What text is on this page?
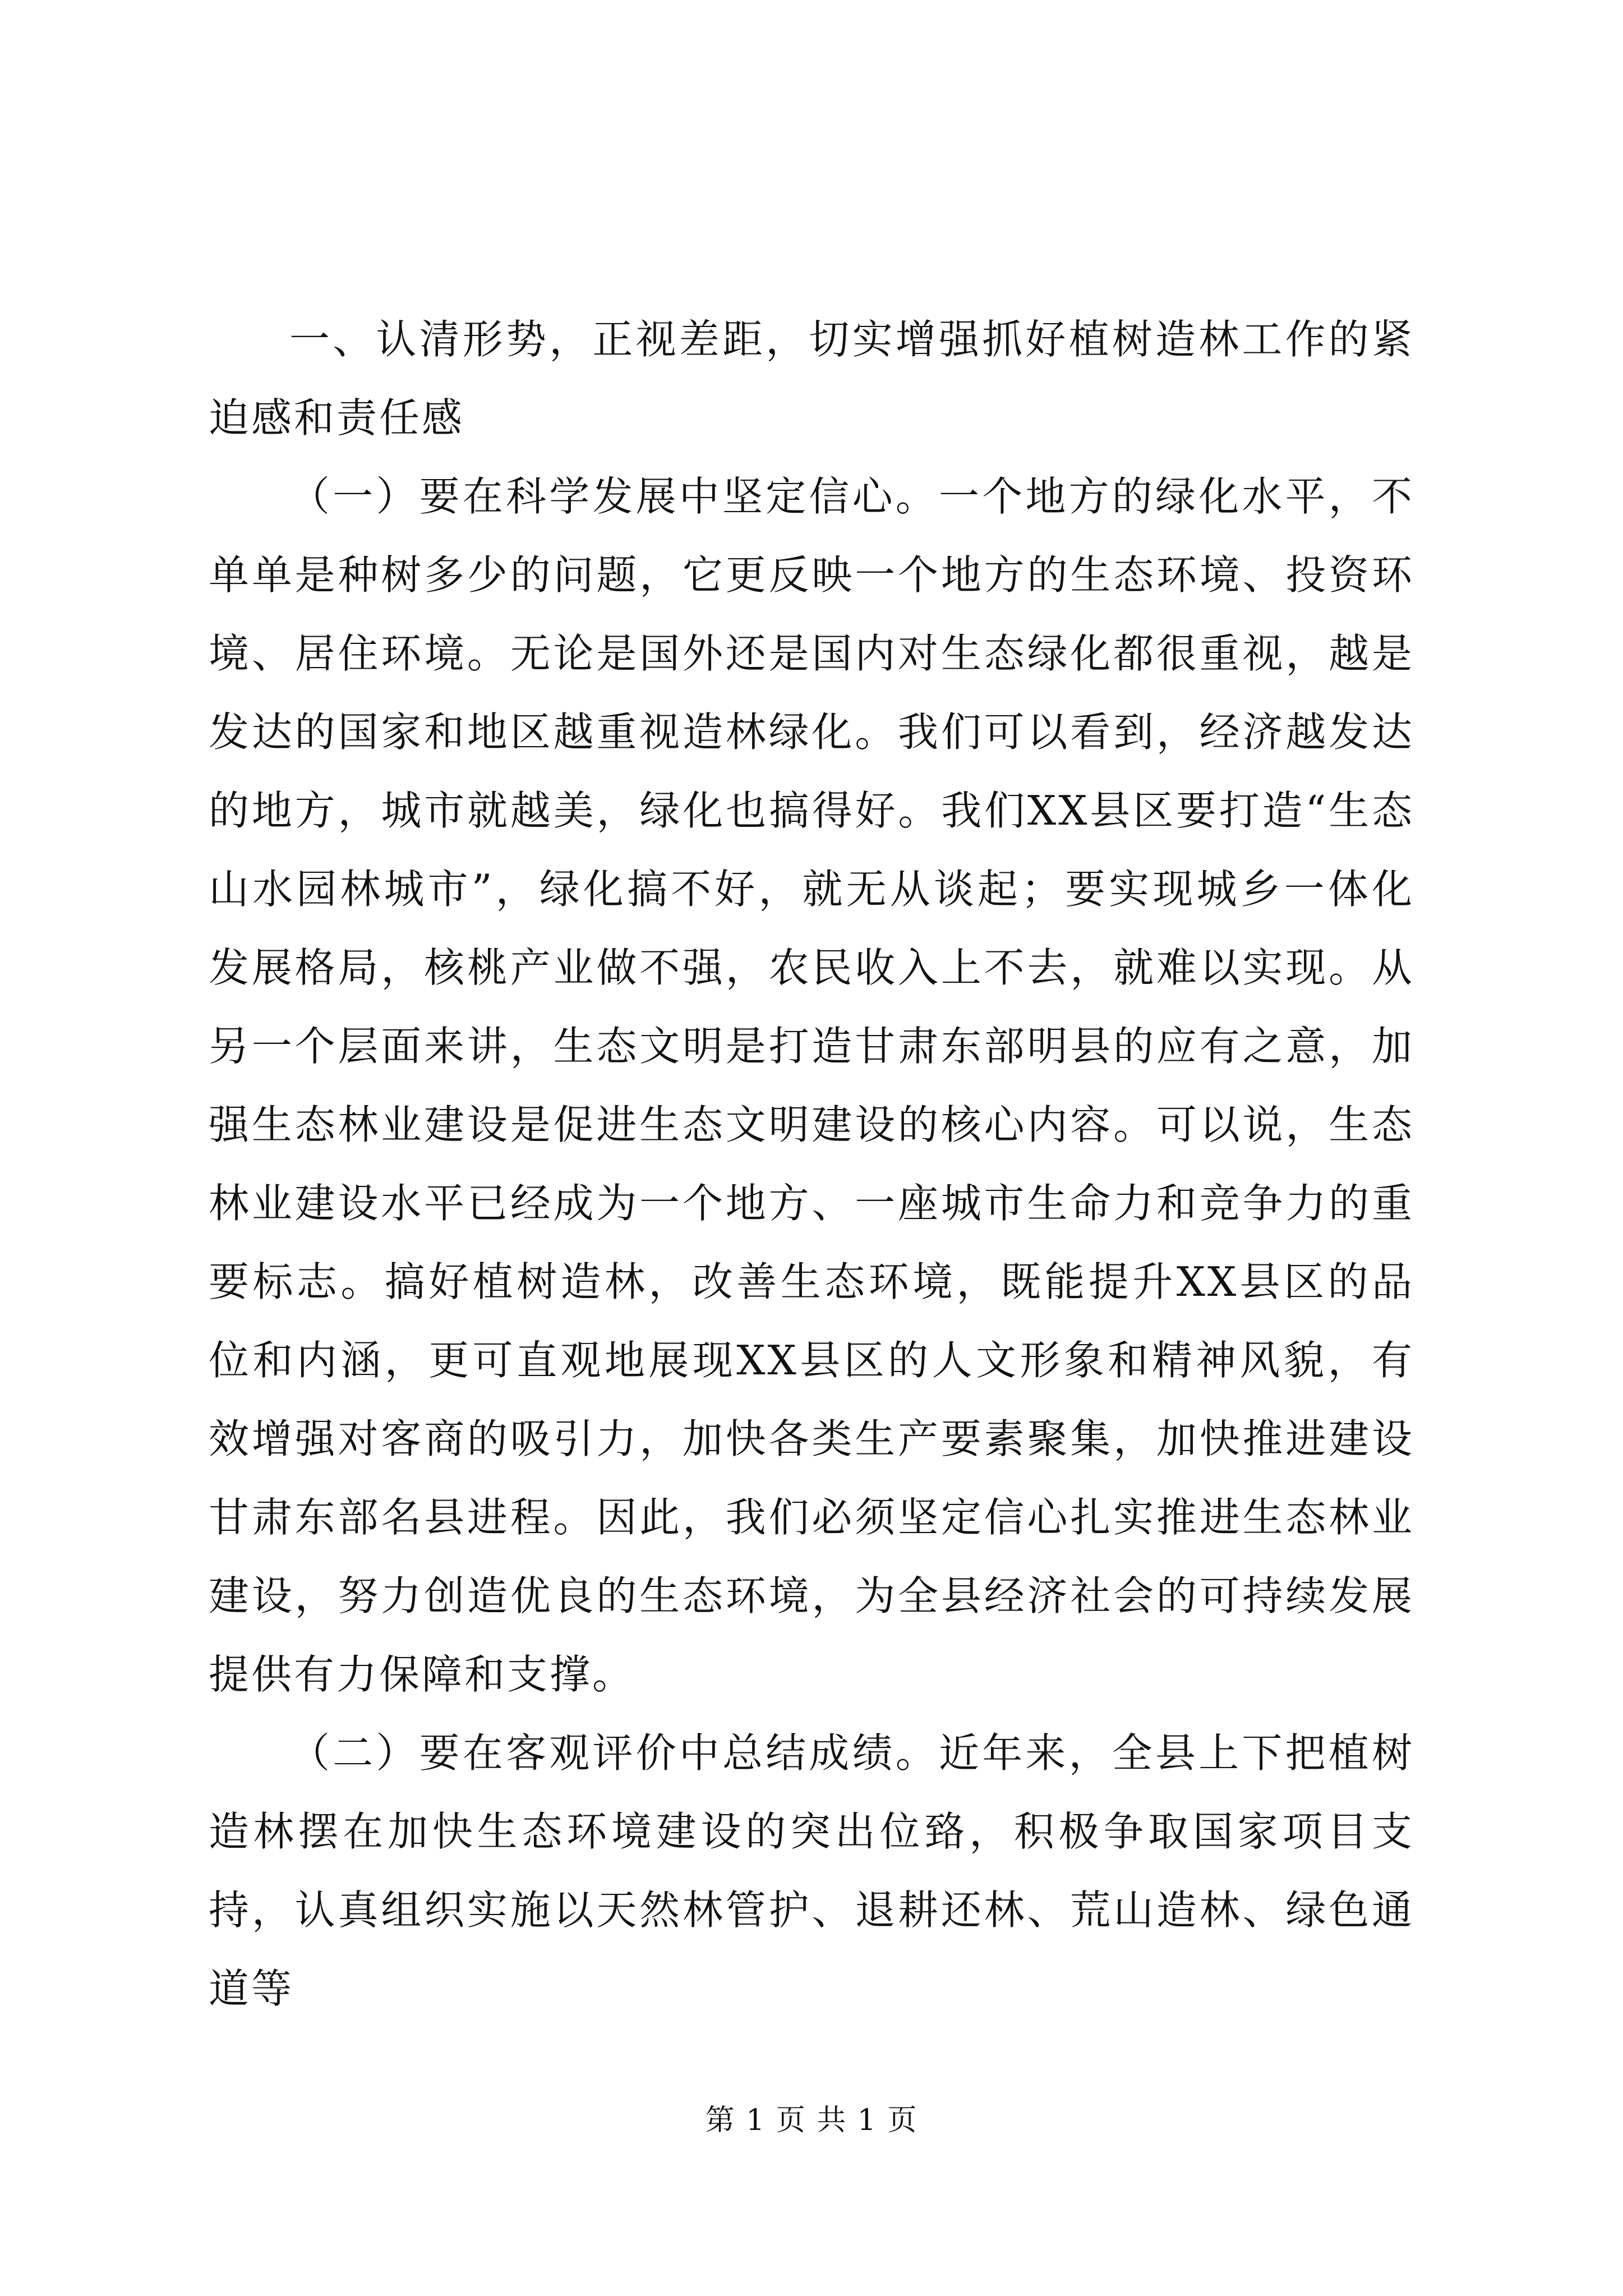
一、认清形势，正视差距，切实增强抓好植树造林工作的紧迫感和责任感

（一）要在科学发展中坚定信心。一个地方的绿化水平，不单单是种树多少的问题，它更反映一个地方的生态环境、投资环境、居住环境。无论是国外还是国内对生态绿化都很重视，越是发达的国家和地区越重视造林绿化。我们可以看到，经济越发达的地方，城市就越美，绿化也搞得好。我们XX县区要打造“生态山水园林城市”，绿化搞不好，就无从谈起；要实现城乡一体化发展格局，核桃产业做不强，农民收入上不去，就难以实现。从另一个层面来讲，生态文明是打造甘肃东部明县的应有之意，加强生态林业建设是促进生态文明建设的核心内容。可以说，生态林业建设水平已经成为一个地方、一座城市生命力和竞争力的重要标志。搞好植树造林，改善生态环境，既能提升XX县区的品位和内涵，更可直观地展现XX县区的人文形象和精神风貌，有效增强对客商的吸引力，加快各类生产要素聚集，加快推进建设甘肃东部名县进程。因此，我们必须坚定信心扎实推进生态林业建设，努力创造优良的生态环境，为全县经济社会的可持续发展提供有力保障和支撑。

（二）要在客观评价中总结成绩。近年来，全县上下把植树造林摆在加快生态环境建设的突出位臵，积极争取国家项目支持，认真组织实施以天然林管护、退耕还林、荒山造林、绿色通道等

第 1 页 共 1 页
